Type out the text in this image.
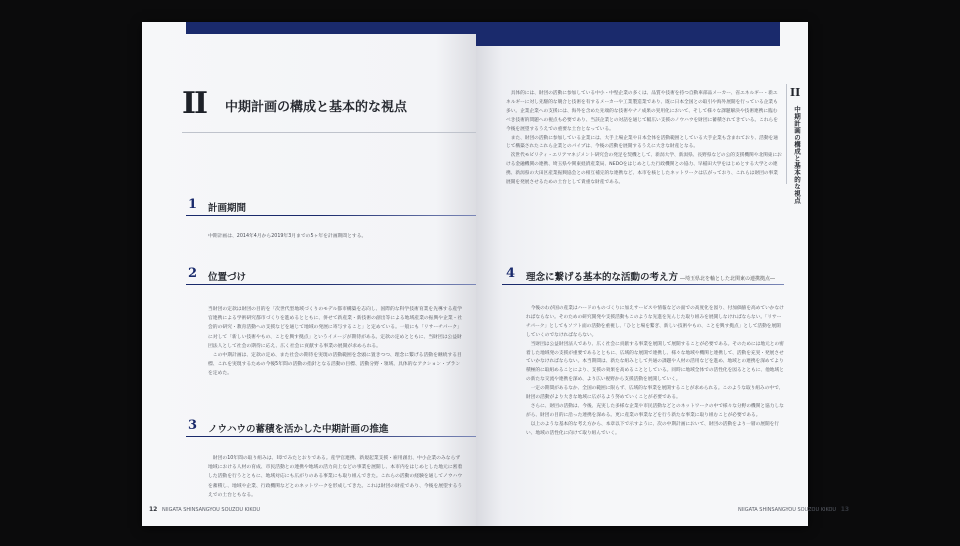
II 中期計画の構成と基本的な視点
1 計画期間
中期計画は、2014年4月から2019年3月までの5ヶ年を計画期間とする。
2 位置づけ
当財団の定款は財団の目的を「次世代型地域づくりのモデル都市構築を志向し、国際的な科学技術育業を先導する産学官連携による学術研究都市づくりを進めるとともに、併せて新産業・新技術の創出等による地域産業の振興や企業・社会的の研究・教育活動への支援などを通じて地域の発展に寄与すること」と定めている。一般にも「リサーチパーク」に対して「新しい技術やもの、ことを興す拠点」というイメージが期待がある。定款の定めとともに、当財団は公益財団法人として社会の期待に応え、広く社会に貢献する事業の展開が求められる。
　この中期計画は、定款の定め、また社会の期待を実現の活動範囲を念頭に置きつつ、理念に繋げる活動を継続する目標、これを実現するための今後5年間の活動の指針となる活動の目標、活動分野・領域、具体的なアクション・プランを定めた。
3 ノウハウの蓄積を活かした中期計画の推進
　財団の10年間の取り組みは、I章でみたとおりである。産学官連携、新規起業支援・雇用創出、中小企業のみならず地域における人材の育成、市民活動との連携や地域の活力向上などの事業を展開し、本市内をはじめとした地元に密着した活動を行うとともに、地域対応にも広がりのある事業にも取り組んできた。これらの活動の経験を通してノウハウを蓄積し、地域や企業、行政機関などとのネットワークを形成してきた。これは財団の財産であり、今後を展望するうえでの土台ともなる。
12 NIIGATA SHINSANGYOU SOUZOU KIKOU
II
中期計画の構成と基本的な視点
　具体的には、財団の活動に参加している中小・中堅企業の多くは、品質や技術を持つ自動車部品メーカー、省エネルギー・新エネルギーに対し先駆的な競合と技術を有するメーカーや工業製造業であり、既に日本全国との取引や海外展開を行っている企業も多い。企業企業への支援には、海外を含めた先端的な技術やナノ成果の実用化において、そして様々な課題解決や技術連携に臨むべき技術的問題への視点も必要であり、当該企業との対話を通じて幅広い支援のノウハウを財団に蓄積されてきている。これらを今後を展望するうえでの重要な土台となっている。
　また、財団の活動に参加している企業には、大手上場企業や日本全体を活動範囲としている大手企業も含まれており、活動を通じて構築されたこれら企業とのパイプは、今後の活動を展開するうえに大きな財産となる。
　次世代モビリティ・エリアマネジメント研究会の発足を契機として、新潟大学、新潟県、長野県などの公的支援機関や北関東における金融機関の連携、埼玉県や関東経済産業局、NEDOをはじめとした行政機関との協力、早稲田大学をはじめとする大学との連携、新潟県の大田区産業振興協会との相互補完的な連携など、本市を核としたネットワークは広がっており、これらは財団の事業展開を発展させるための土台として貴重な財産である。
4 理念に繋げる基本的な活動の考え方 ―埼玉県北を軸とした北関東の連携拠点―
　今後のわが国の産業はハードのものづくりに加えサービスや情報などの面での高度化を図り、付加価値を高めていかなければならない。そのための研究開発や支援活動もこのような先進を先んじた取り組みを展開しなければならない。「リサーチパーク」としてもソフト面の活動を重視し、「ひとと場を繋ぎ、新しい技術やもの、ことを興す拠点」として活動を展開していくのでなければならない。
　当財団は公益財団法人であり、広く社会に貢献する事業を展開して展開することが必要である。そのためには地元との密着した地域発の支援が重要であるとともに、広域的な展開で連携し、様々な地域や機関と連携して、活動を充実・発展させていかなければならない。本当期間は、新たな組みとして共通の課題や人材の活用などを進め、地域との連携を深めてより積極的に取組めることにより、支援の効果を高めることとしている。同時に地域全体での活性化を図るとともに、他地域との新たな交流や連携を深め、より広い視野から支援活動を展開していく。
　一定の期間があるなか、全国の範囲に限らず、広域的な事業を展開することが求められる。このような取り組みの中で、財団の活動がより大きな地域に広がるよう努めていくことが必要である。
　さらに、財団の活動は、今後、充実した多様な企業や市民活動などとのネットワークの中で様々な分野の機関と協力しながら、財団の目的に沿った連携を深める。更に産業の事業などを行う新たな事業に取り組むことが必要である。
　以上のような基本的な考え方から、本章以下で示すように、次の中期計画において、財団の活動をより一層の展開を行い、地域の活性化に向けて取り組んでいく。
NIIGATA SHINSANGYOU SOUZOU KIKOU 13
